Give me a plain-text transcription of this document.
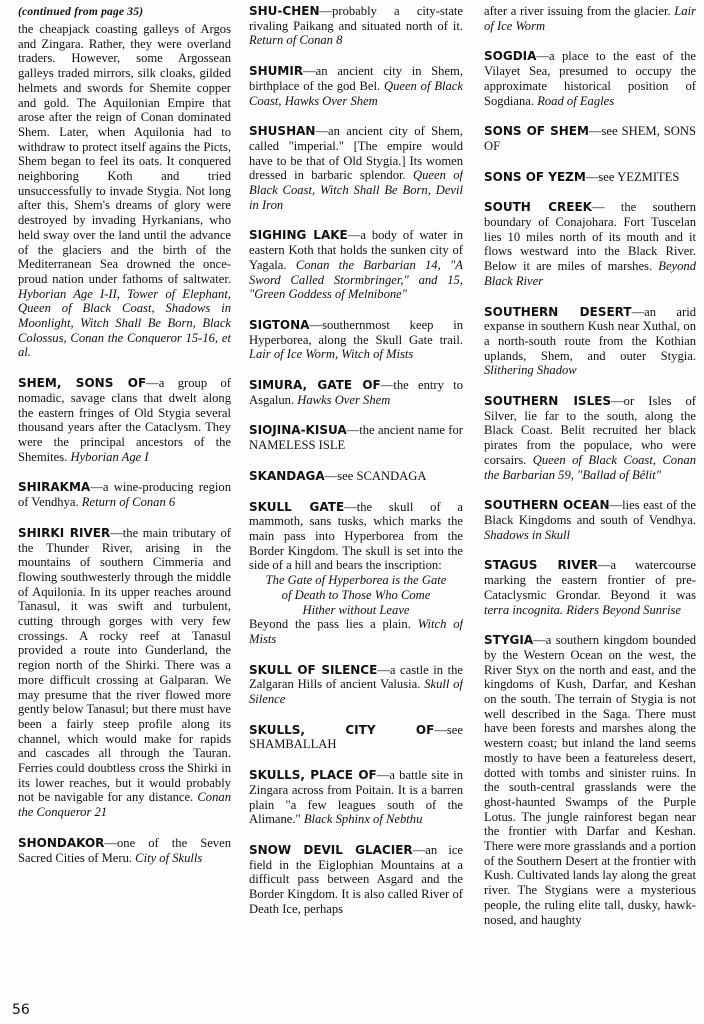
(continued from page 35)

the cheapjack coasting galleys of Argos and Zingara. Rather, they were overland traders. However, some Argossean galleys traded mirrors, silk cloaks, gilded helmets and swords for Shemite copper and gold. The Aquilonian Empire that arose after the reign of Conan dominated Shem. Later, when Aquilonia had to withdraw to protect itself agains the Picts, Shem began to feel its oats. It conquered neighboring Koth and tried unsuccessfully to invade Stygia. Not long after this, Shem's dreams of glory were destroyed by invading Hyrkanians, who held sway over the land until the advance of the glaciers and the birth of the Mediterranean Sea drowned the once-proud nation under fathoms of saltwater. Hyborian Age I-II, Tower of Elephant, Queen of Black Coast, Shadows in Moonlight, Witch Shall Be Born, Black Colossus, Conan the Conqueror 15-16, et al.

SHEM, SONS OF—a group of nomadic, savage clans that dwelt along the eastern fringes of Old Stygia several thousand years after the Cataclysm. They were the principal ancestors of the Shemites. Hyborian Age I

SHIRAKMA—a wine-producing region of Vendhya. Return of Conan 6

SHIRKI RIVER—the main tributary of the Thunder River, arising in the mountains of southern Cimmeria and flowing southwesterly through the middle of Aquilonia. In its upper reaches around Tanasul, it was swift and turbulent, cutting through gorges with very few crossings. A rocky reef at Tanasul provided a route into Gunderland, the region north of the Shirki. There was a more difficult crossing at Galparan. We may presume that the river flowed more gently below Tanasul; but there must have been a fairly steep profile along its channel, which would make for rapids and cascades all through the Tauran. Ferries could doubtless cross the Shirki in its lower reaches, but it would probably not be navigable for any distance. Conan the Conqueror 21

SHONDAKOR—one of the Seven Sacred Cities of Meru. City of Skulls

SHU-CHEN—probably a city-state rivaling Paikang and situated north of it. Return of Conan 8

SHUMIR—an ancient city in Shem, birthplace of the god Bel. Queen of Black Coast, Hawks Over Shem

SHUSHAN—an ancient city of Shem, called "imperial." [The empire would have to be that of Old Stygia.] Its women dressed in barbaric splendor. Queen of Black Coast, Witch Shall Be Born, Devil in Iron

SIGHING LAKE—a body of water in eastern Koth that holds the sunken city of Yagala. Conan the Barbarian 14, "A Sword Called Stormbringer," and 15, "Green Goddess of Melnibone"

SIGTONA—southernmost keep in Hyperborea, along the Skull Gate trail. Lair of Ice Worm, Witch of Mists

SIMURA, GATE OF—the entry to Asgalun. Hawks Over Shem

SIOJINA-KISUA—the ancient name for NAMELESS ISLE

SKANDAGA—see SCANDAGA

SKULL GATE—the skull of a mammoth, sans tusks, which marks the main pass into Hyperborea from the Border Kingdom. The skull is set into the side of a hill and bears the inscription:
The Gate of Hyperborea is the Gate
of Death to Those Who Come
Hither without Leave
Beyond the pass lies a plain. Witch of Mists

SKULL OF SILENCE—a castle in the Zalgaran Hills of ancient Valusia. Skull of Silence

SKULLS, CITY OF—see SHAMBALLAH

SKULLS, PLACE OF—a battle site in Zingara across from Poitain. It is a barren plain "a few leagues south of the Alimane." Black Sphinx of Nebthu

SNOW DEVIL GLACIER—an ice field in the Eiglophian Mountains at a difficult pass between Asgard and the Border Kingdom. It is also called River of Death Ice, perhaps

after a river issuing from the glacier. Lair of Ice Worm

SOGDIA—a place to the east of the Vilayet Sea, presumed to occupy the approximate historical position of Sogdiana. Road of Eagles

SONS OF SHEM—see SHEM, SONS OF

SONS OF YEZM—see YEZMITES

SOUTH CREEK— the southern boundary of Conajohara. Fort Tuscelan lies 10 miles north of its mouth and it flows westward into the Black River. Below it are miles of marshes. Beyond Black River

SOUTHERN DESERT—an arid expanse in southern Kush near Xuthal, on a north-south route from the Kothian uplands, Shem, and outer Stygia. Slithering Shadow

SOUTHERN ISLES—or Isles of Silver, lie far to the south, along the Black Coast. Belit recruited her black pirates from the populace, who were corsairs. Queen of Black Coast, Conan the Barbarian 59, "Ballad of Bêlit"

SOUTHERN OCEAN—lies east of the Black Kingdoms and south of Vendhya. Shadows in Skull

STAGUS RIVER—a watercourse marking the eastern frontier of pre-Cataclysmic Grondar. Beyond it was terra incognita. Riders Beyond Sunrise

STYGIA—a southern kingdom bounded by the Western Ocean on the west, the River Styx on the north and east, and the kingdoms of Kush, Darfar, and Keshan on the south. The terrain of Stygia is not well described in the Saga. There must have been forests and marshes along the western coast; but inland the land seems mostly to have been a featureless desert, dotted with tombs and sinister ruins. In the south-central grasslands were the ghost-haunted Swamps of the Purple Lotus. The jungle rainforest began near the frontier with Darfar and Keshan. There were more grasslands and a portion of the Southern Desert at the frontier with Kush. Cultivated lands lay along the great river. The Stygians were a mysterious people, the ruling elite tall, dusky, hawk-nosed, and haughty

56
